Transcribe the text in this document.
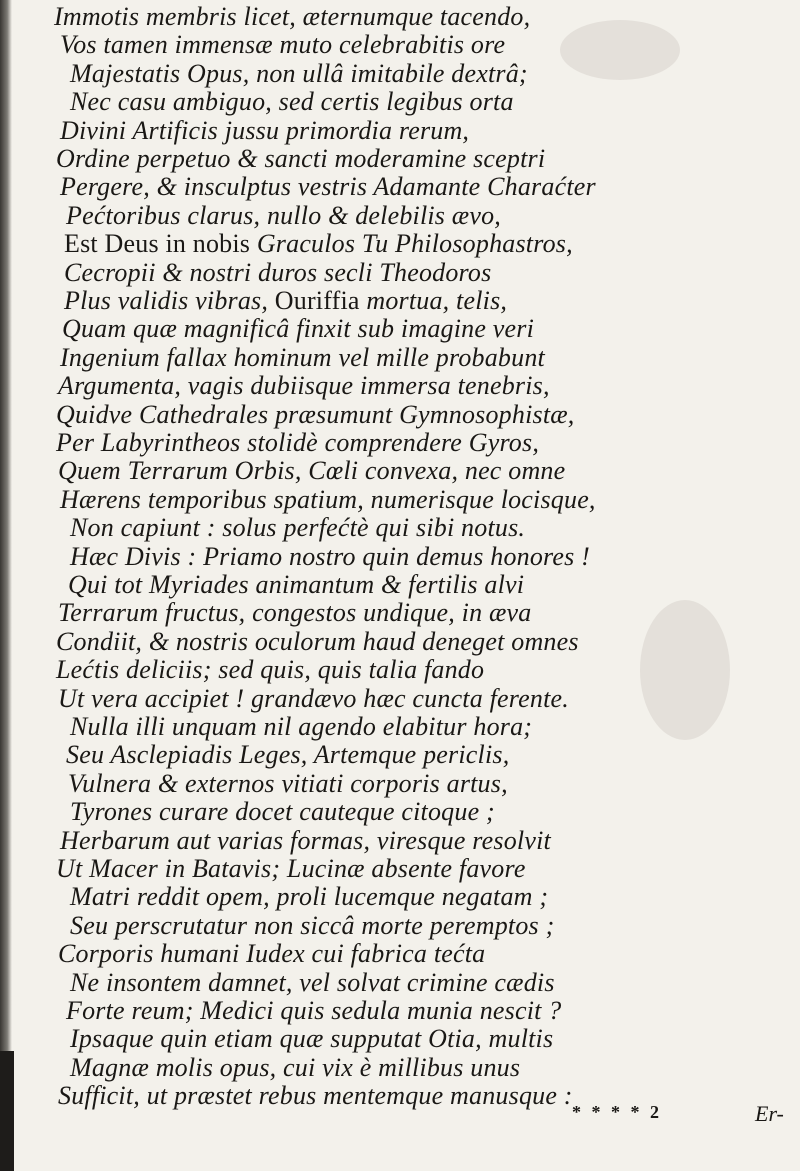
Immotis membris licet, æternumque tacendo,
Vos tamen immensæ muto celebrabitis ore
Majestatis Opus, non ullâ imitabile dextrâ;
Nec casu ambiguo, sed certis legibus orta
Divini Artificis jussu primordia rerum,
Ordine perpetuo & sancti moderamine sceptri
Pergere, & insculptus vestris Adamante Charaćter
Pećtoribus clarus, nullo & delebilis ævo,
Est Deus in nobis Graculos Tu Philosophastros,
Cecropii & nostri duros secli Theodoros
Plus validis vibras, Ouriffia mortua, telis,
Quam quæ magnificâ finxit sub imagine veri
Ingenium fallax hominum vel mille probabunt
Argumenta, vagis dubiisque immersa tenebris,
Quidve Cathedrales præsumunt Gymnosophistæ,
Per Labyrintheos stolidè comprendere Gyros,
Quem Terrarum Orbis, Cœli convexa, nec omne
Hærens temporibus spatium, numerisque locisque,
Non capiunt : solus perfećtè qui sibi notus.
Hæc Divis : Priamo nostro quin demus honores !
Qui tot Myriades animantum & fertilis alvi
Terrarum fructus, congestos undique, in æva
Condiit, & nostris oculorum haud deneget omnes
Lećtis deliciis; sed quis, quis talia fando
Ut vera accipiet ! grandævo hæc cuncta ferente.
Nulla illi unquam nil agendo elabitur hora;
Seu Asclepiadis Leges, Artemque periclis,
Vulnera & externos vitiati corporis artus,
Tyrones curare docet cauteque citoque ;
Herbarum aut varias formas, viresque resolvit
Ut Macer in Batavis; Lucinæ absente favore
Matri reddit opem, proli lucemque negatam ;
Seu perscrutatur non siccâ morte peremptos ;
Corporis humani Iudex cui fabrica tećta
Ne insontem damnet, vel solvat crimine cædis
Forte reum; Medici quis sedula munia nescit ?
Ipsaque quin etiam quæ supputat Otia, multis
Magnæ molis opus, cui vix è millibus unus
Sufficit, ut præstet rebus mentemque manusque :
* * * * 2	Er-
